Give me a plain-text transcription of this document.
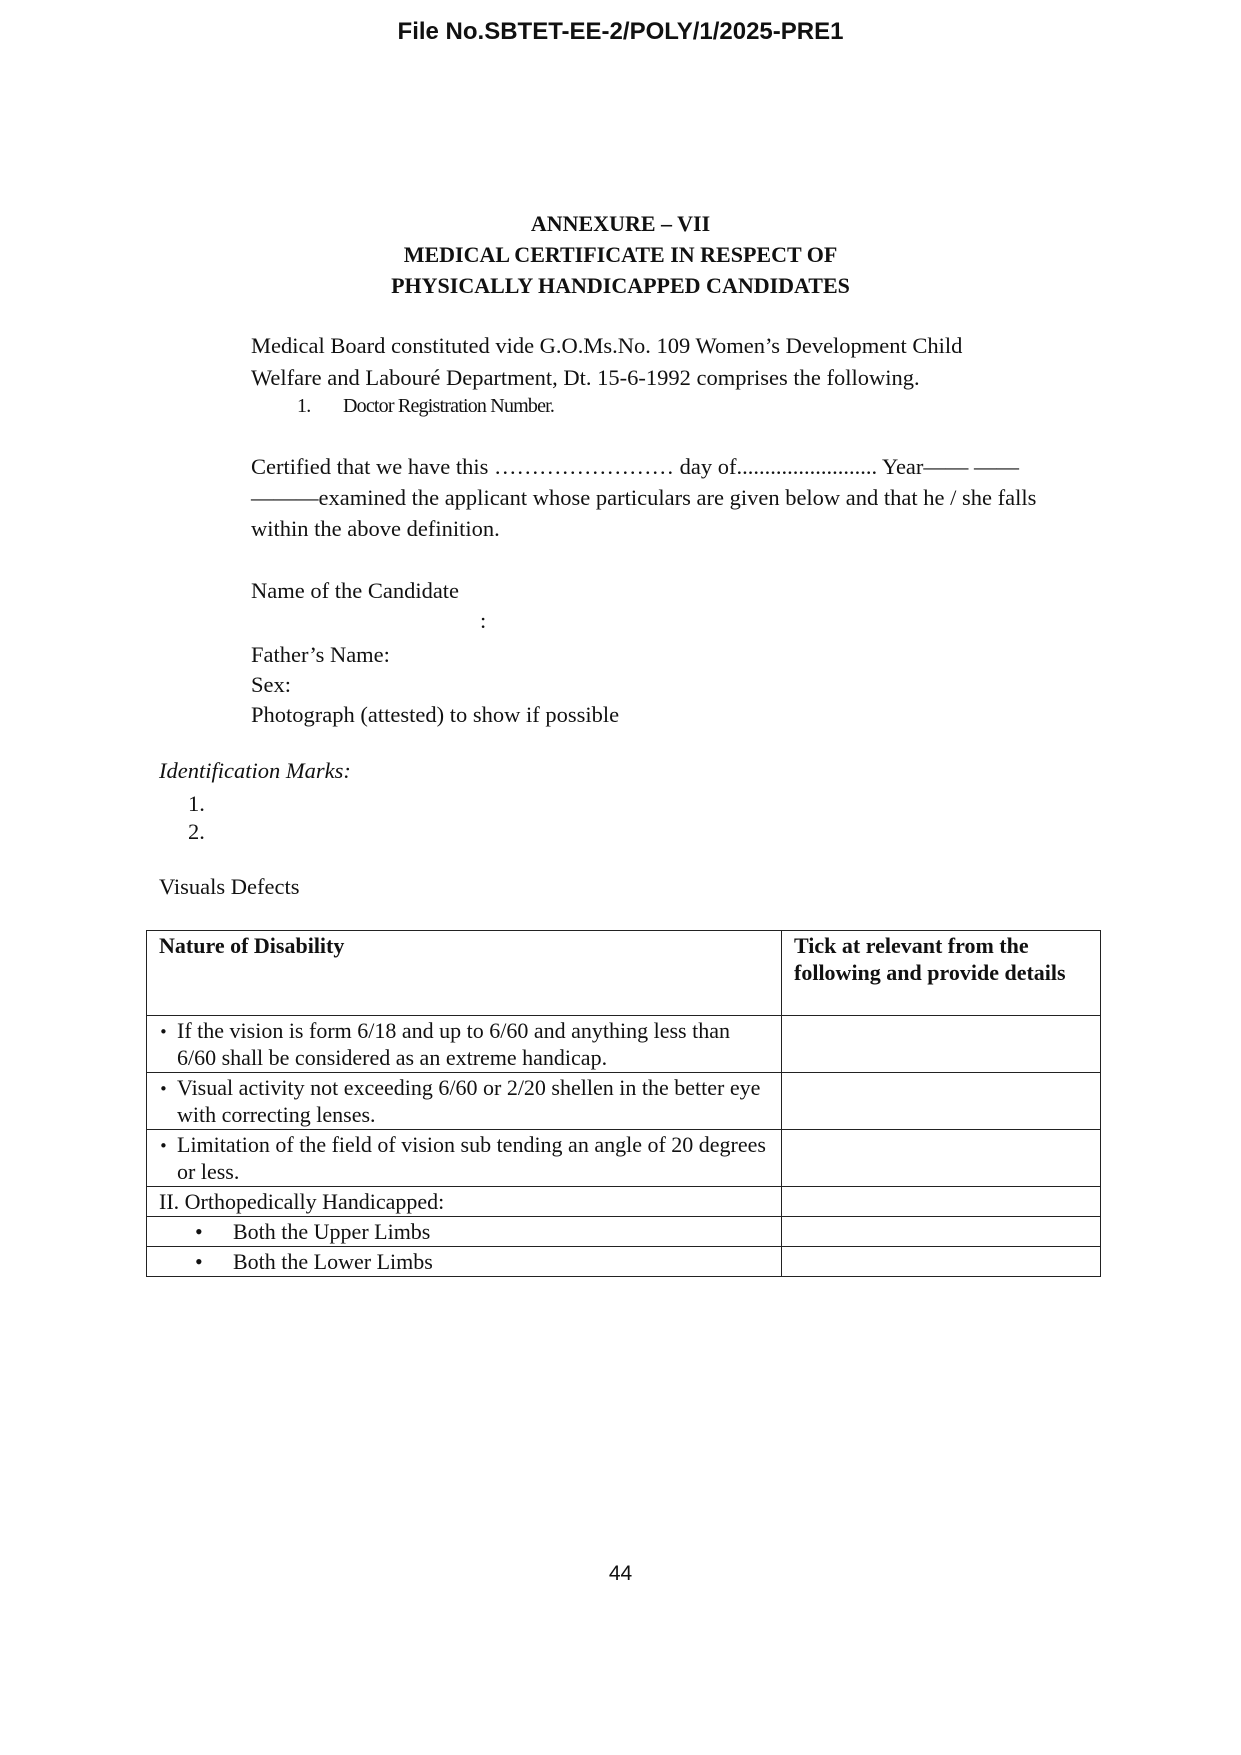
File No.SBTET-EE-2/POLY/1/2025-PRE1
ANNEXURE – VII
MEDICAL CERTIFICATE IN RESPECT OF
PHYSICALLY HANDICAPPED CANDIDATES
Medical Board constituted vide G.O.Ms.No. 109 Women’s Development Child
Welfare and Labouré Department, Dt. 15-6-1992 comprises the following.
1. Doctor Registration Number.
Certified that we have this …………………… day of......................... Year—— ——
———examined the applicant whose particulars are given below and that he / she falls
within the above definition.
Name of the Candidate
:
Father’s Name:
Sex:
Photograph (attested) to show if possible
Identification Marks:
1.
2.
Visuals Defects
Nature of Disability	Tick at relevant from the following and provide details

• If the vision is form 6/18 and up to 6/60 and anything less than 6/60 shall be considered as an extreme handicap.	

• Visual activity not exceeding 6/60 or 2/20 shellen in the better eye with correcting lenses.	

• Limitation of the field of vision sub tending an angle of 20 degrees or less.	

II. Orthopedically Handicapped:	

• Both the Upper Limbs	

• Both the Lower Limbs	

44
